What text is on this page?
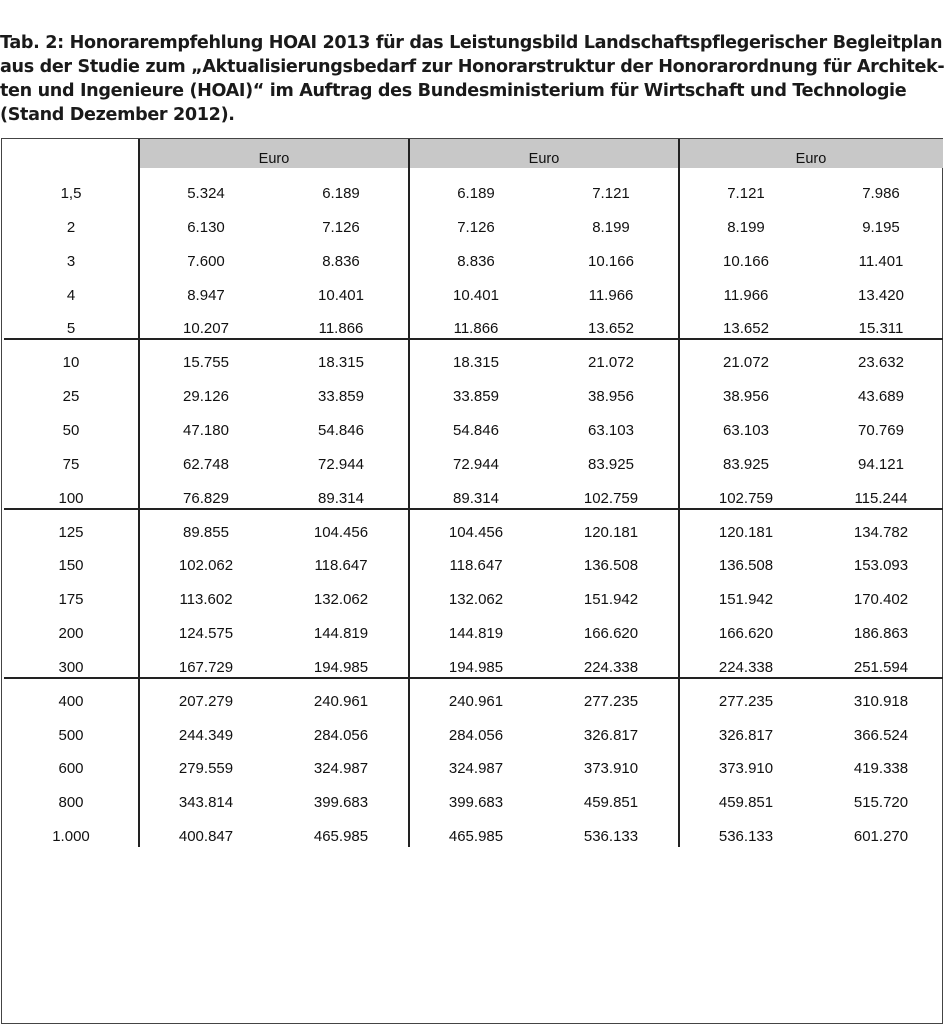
Tab. 2: Honorarempfehlung HOAI 2013 für das Leistungsbild Landschaftspflegerischer Begleitplan
aus der Studie zum „Aktualisierungsbedarf zur Honorarstruktur der Honorarordnung für Architek-
ten und Ingenieure (HOAI)“ im Auftrag des Bundesministerium für Wirtschaft und Technologie
(Stand Dezember 2012).
Euro	Euro	Euro
1,5	5.324	6.189	6.189	7.121	7.121	7.986
2	6.130	7.126	7.126	8.199	8.199	9.195
3	7.600	8.836	8.836	10.166	10.166	11.401
4	8.947	10.401	10.401	11.966	11.966	13.420
5	10.207	11.866	11.866	13.652	13.652	15.311
10	15.755	18.315	18.315	21.072	21.072	23.632
25	29.126	33.859	33.859	38.956	38.956	43.689
50	47.180	54.846	54.846	63.103	63.103	70.769
75	62.748	72.944	72.944	83.925	83.925	94.121
100	76.829	89.314	89.314	102.759	102.759	115.244
125	89.855	104.456	104.456	120.181	120.181	134.782
150	102.062	118.647	118.647	136.508	136.508	153.093
175	113.602	132.062	132.062	151.942	151.942	170.402
200	124.575	144.819	144.819	166.620	166.620	186.863
300	167.729	194.985	194.985	224.338	224.338	251.594
400	207.279	240.961	240.961	277.235	277.235	310.918
500	244.349	284.056	284.056	326.817	326.817	366.524
600	279.559	324.987	324.987	373.910	373.910	419.338
800	343.814	399.683	399.683	459.851	459.851	515.720
1.000	400.847	465.985	465.985	536.133	536.133	601.270
